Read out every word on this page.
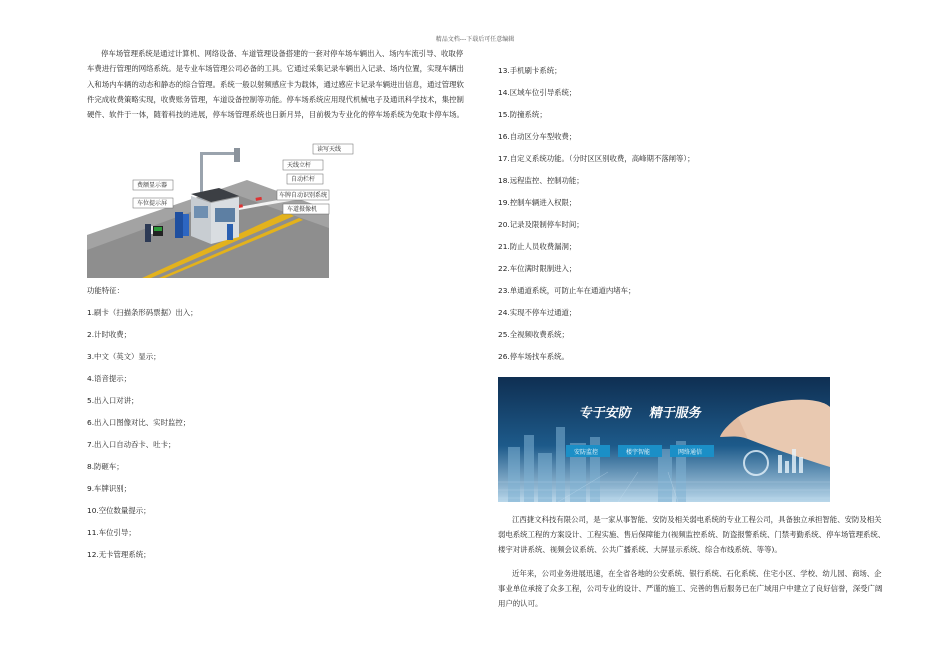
精品文档---下载后可任意编辑

停车场管理系统是通过计算机、网络设备、车道管理设备搭建的一套对停车场车辆出入、场内车流引导、收取停车费进行管理的网络系统。是专业车场管理公司必备的工具。它通过采集记录车辆出入记录、场内位置，实现车辆出入和场内车辆的动态和静态的综合管理。系统一般以射频感应卡为载体，通过感应卡记录车辆进出信息，通过管理软件完成收费策略实现，收费账务管理，车道设备控制等功能。停车场系统应用现代机械电子及通讯科学技术，集控制硬件、软件于一体，随着科技的进展，停车场管理系统也日新月异，目前极为专业化的停车场系统为免取卡停车场。

读写天线
天线立杆
自动栏杆
车牌自动识别系统
车道摄像机
费额显示器
车位提示屏
功能特征：
1.刷卡（扫描条形码票据）出入；
2.计时收费；
3.中文（英文）显示；
4.语音提示；
5.出入口对讲；
6.出入口图像对比、实时监控；
7.出入口自动吞卡、吐卡；
8.防砸车；
9.车牌识别；
10.空位数量提示；
11.车位引导；
12.无卡管理系统；
13.手机刷卡系统；
14.区域车位引导系统；
15.防撞系统；
16.自动区分车型收费；
17.自定义系统功能。（分时区区别收费，高峰期不落闸等）；
18.远程监控、控制功能；
19.控制车辆进入权限；
20.记录及限制停车时间；
21.防止人员收费漏洞；
22.车位满时限制进入；
23.单通道系统，可防止车在通道内堵车；
24.实现不停车过通道；
25.全视频收费系统；
26.停车场找车系统。
专于安防 精于服务
安防监控	楼宇智能	网络通信

江西捷文科技有限公司，是一家从事智能、安防及相关弱电系统的专业工程公司，具备独立承担智能、安防及相关弱电系统工程的方案设计、工程实施、售后保障能力(视频监控系统、防盗报警系统、门禁考勤系统、停车场管理系统、楼宇对讲系统、视频会议系统、公共广播系统、大屏显示系统、综合布线系统、等等)。

近年来，公司业务进展迅速，在全省各地的公安系统、银行系统、石化系统、住宅小区、学校、幼儿园、商场、企事业单位承接了众多工程，公司专业的设计、严谨的施工、完善的售后服务已在广域用户中建立了良好信誉，深受广阔用户的认可。
